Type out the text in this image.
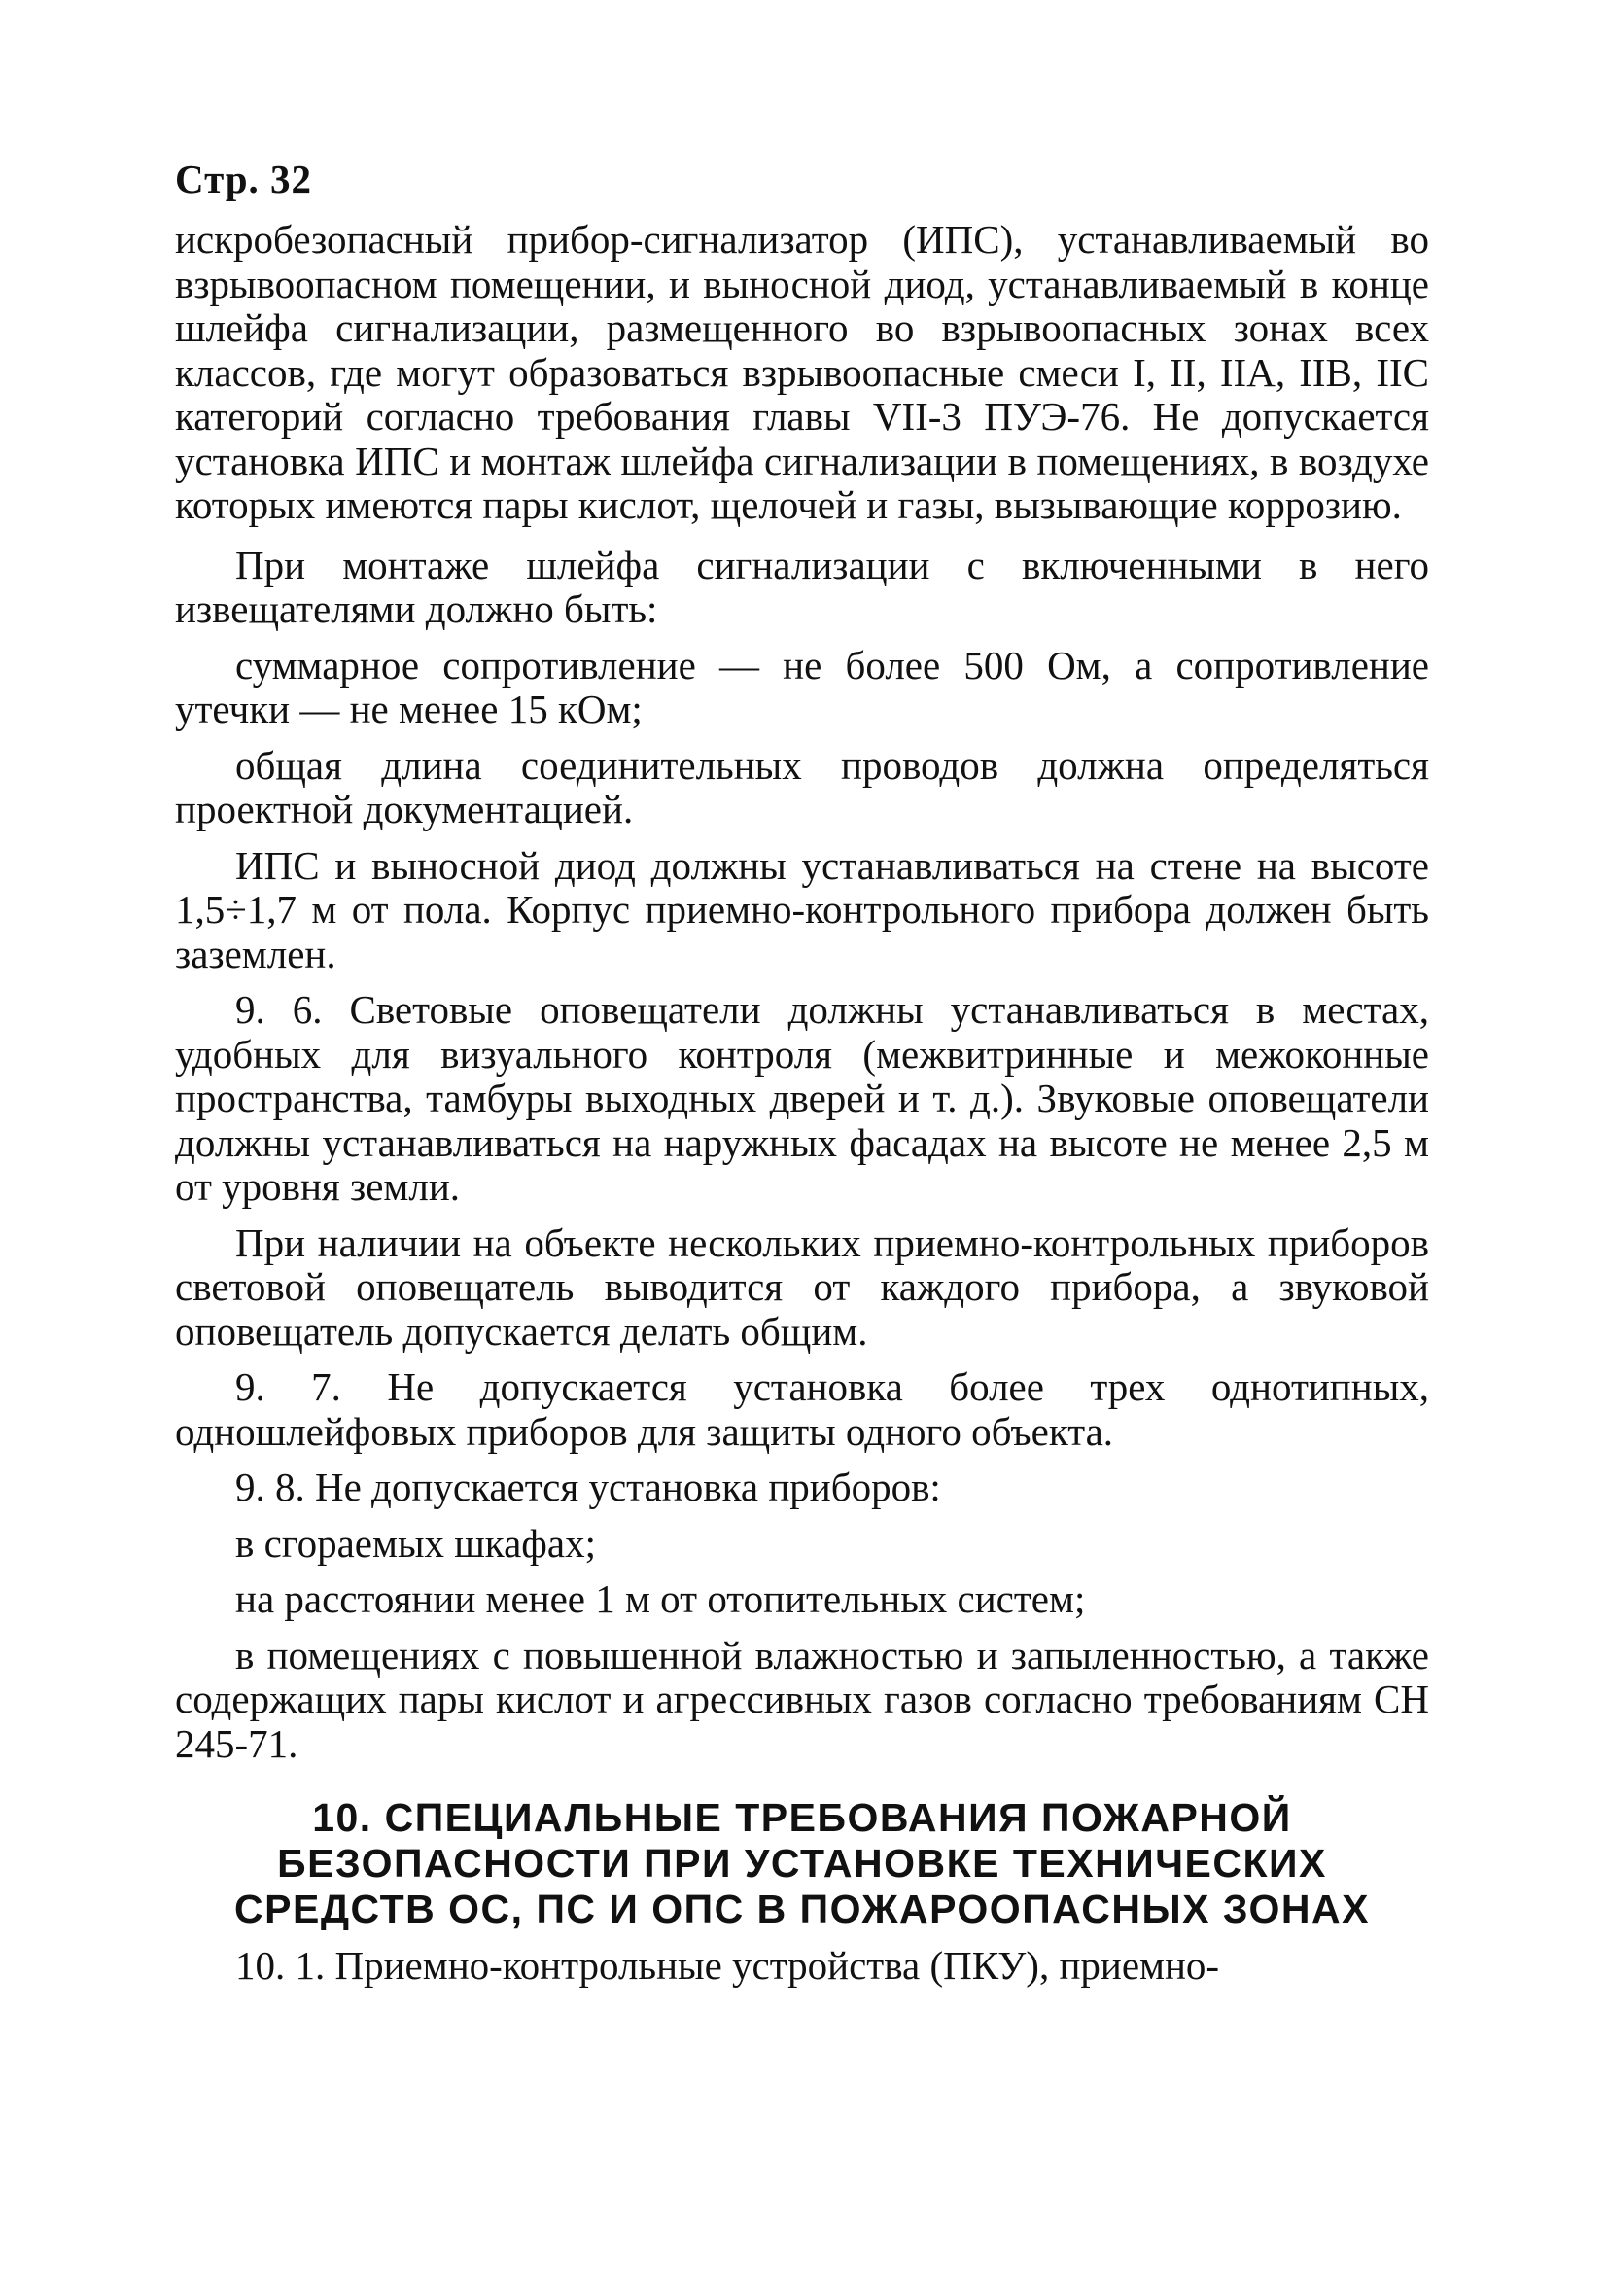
Стр. 32

искробезопасный прибор-сигнализатор (ИПС), устанавливаемый во взрывоопасном помещении, и выносной диод, устанавливаемый в конце шлейфа сигнализации, размещенного во взрывоопасных зонах всех классов, где могут образоваться взрывоопасные смеси I, II, IIA, IIB, IIC категорий согласно требования главы VII-3 ПУЭ-76. Не допускается установка ИПС и монтаж шлейфа сигнализации в помещениях, в воздухе которых имеются пары кислот, щелочей и газы, вызывающие коррозию.

При монтаже шлейфа сигнализации с включенными в него извещателями должно быть:

суммарное сопротивление — не более 500 Ом, а сопротивление утечки — не менее 15 кОм;

общая длина соединительных проводов должна определяться проектной документацией.

ИПС и выносной диод должны устанавливаться на стене на высоте 1,5÷1,7 м от пола. Корпус приемно-контрольного прибора должен быть заземлен.

9. 6. Световые оповещатели должны устанавливаться в местах, удобных для визуального контроля (межвитринные и межоконные пространства, тамбуры выходных дверей и т. д.). Звуковые оповещатели должны устанавливаться на наружных фасадах на высоте не менее 2,5 м от уровня земли.

При наличии на объекте нескольких приемно-контрольных приборов световой оповещатель выводится от каждого прибора, а звуковой оповещатель допускается делать общим.

9. 7. Не допускается установка более трех однотипных, одношлейфовых приборов для защиты одного объекта.

9. 8. Не допускается установка приборов:

в сгораемых шкафах;

на расстоянии менее 1 м от отопительных систем;

в помещениях с повышенной влажностью и запыленностью, а также содержащих пары кислот и агрессивных газов согласно требованиям СН 245-71.

10. СПЕЦИАЛЬНЫЕ ТРЕБОВАНИЯ ПОЖАРНОЙ
БЕЗОПАСНОСТИ ПРИ УСТАНОВКЕ ТЕХНИЧЕСКИХ
СРЕДСТВ ОС, ПС И ОПС В ПОЖАРООПАСНЫХ ЗОНАХ

10. 1. Приемно-контрольные устройства (ПКУ), приемно-
